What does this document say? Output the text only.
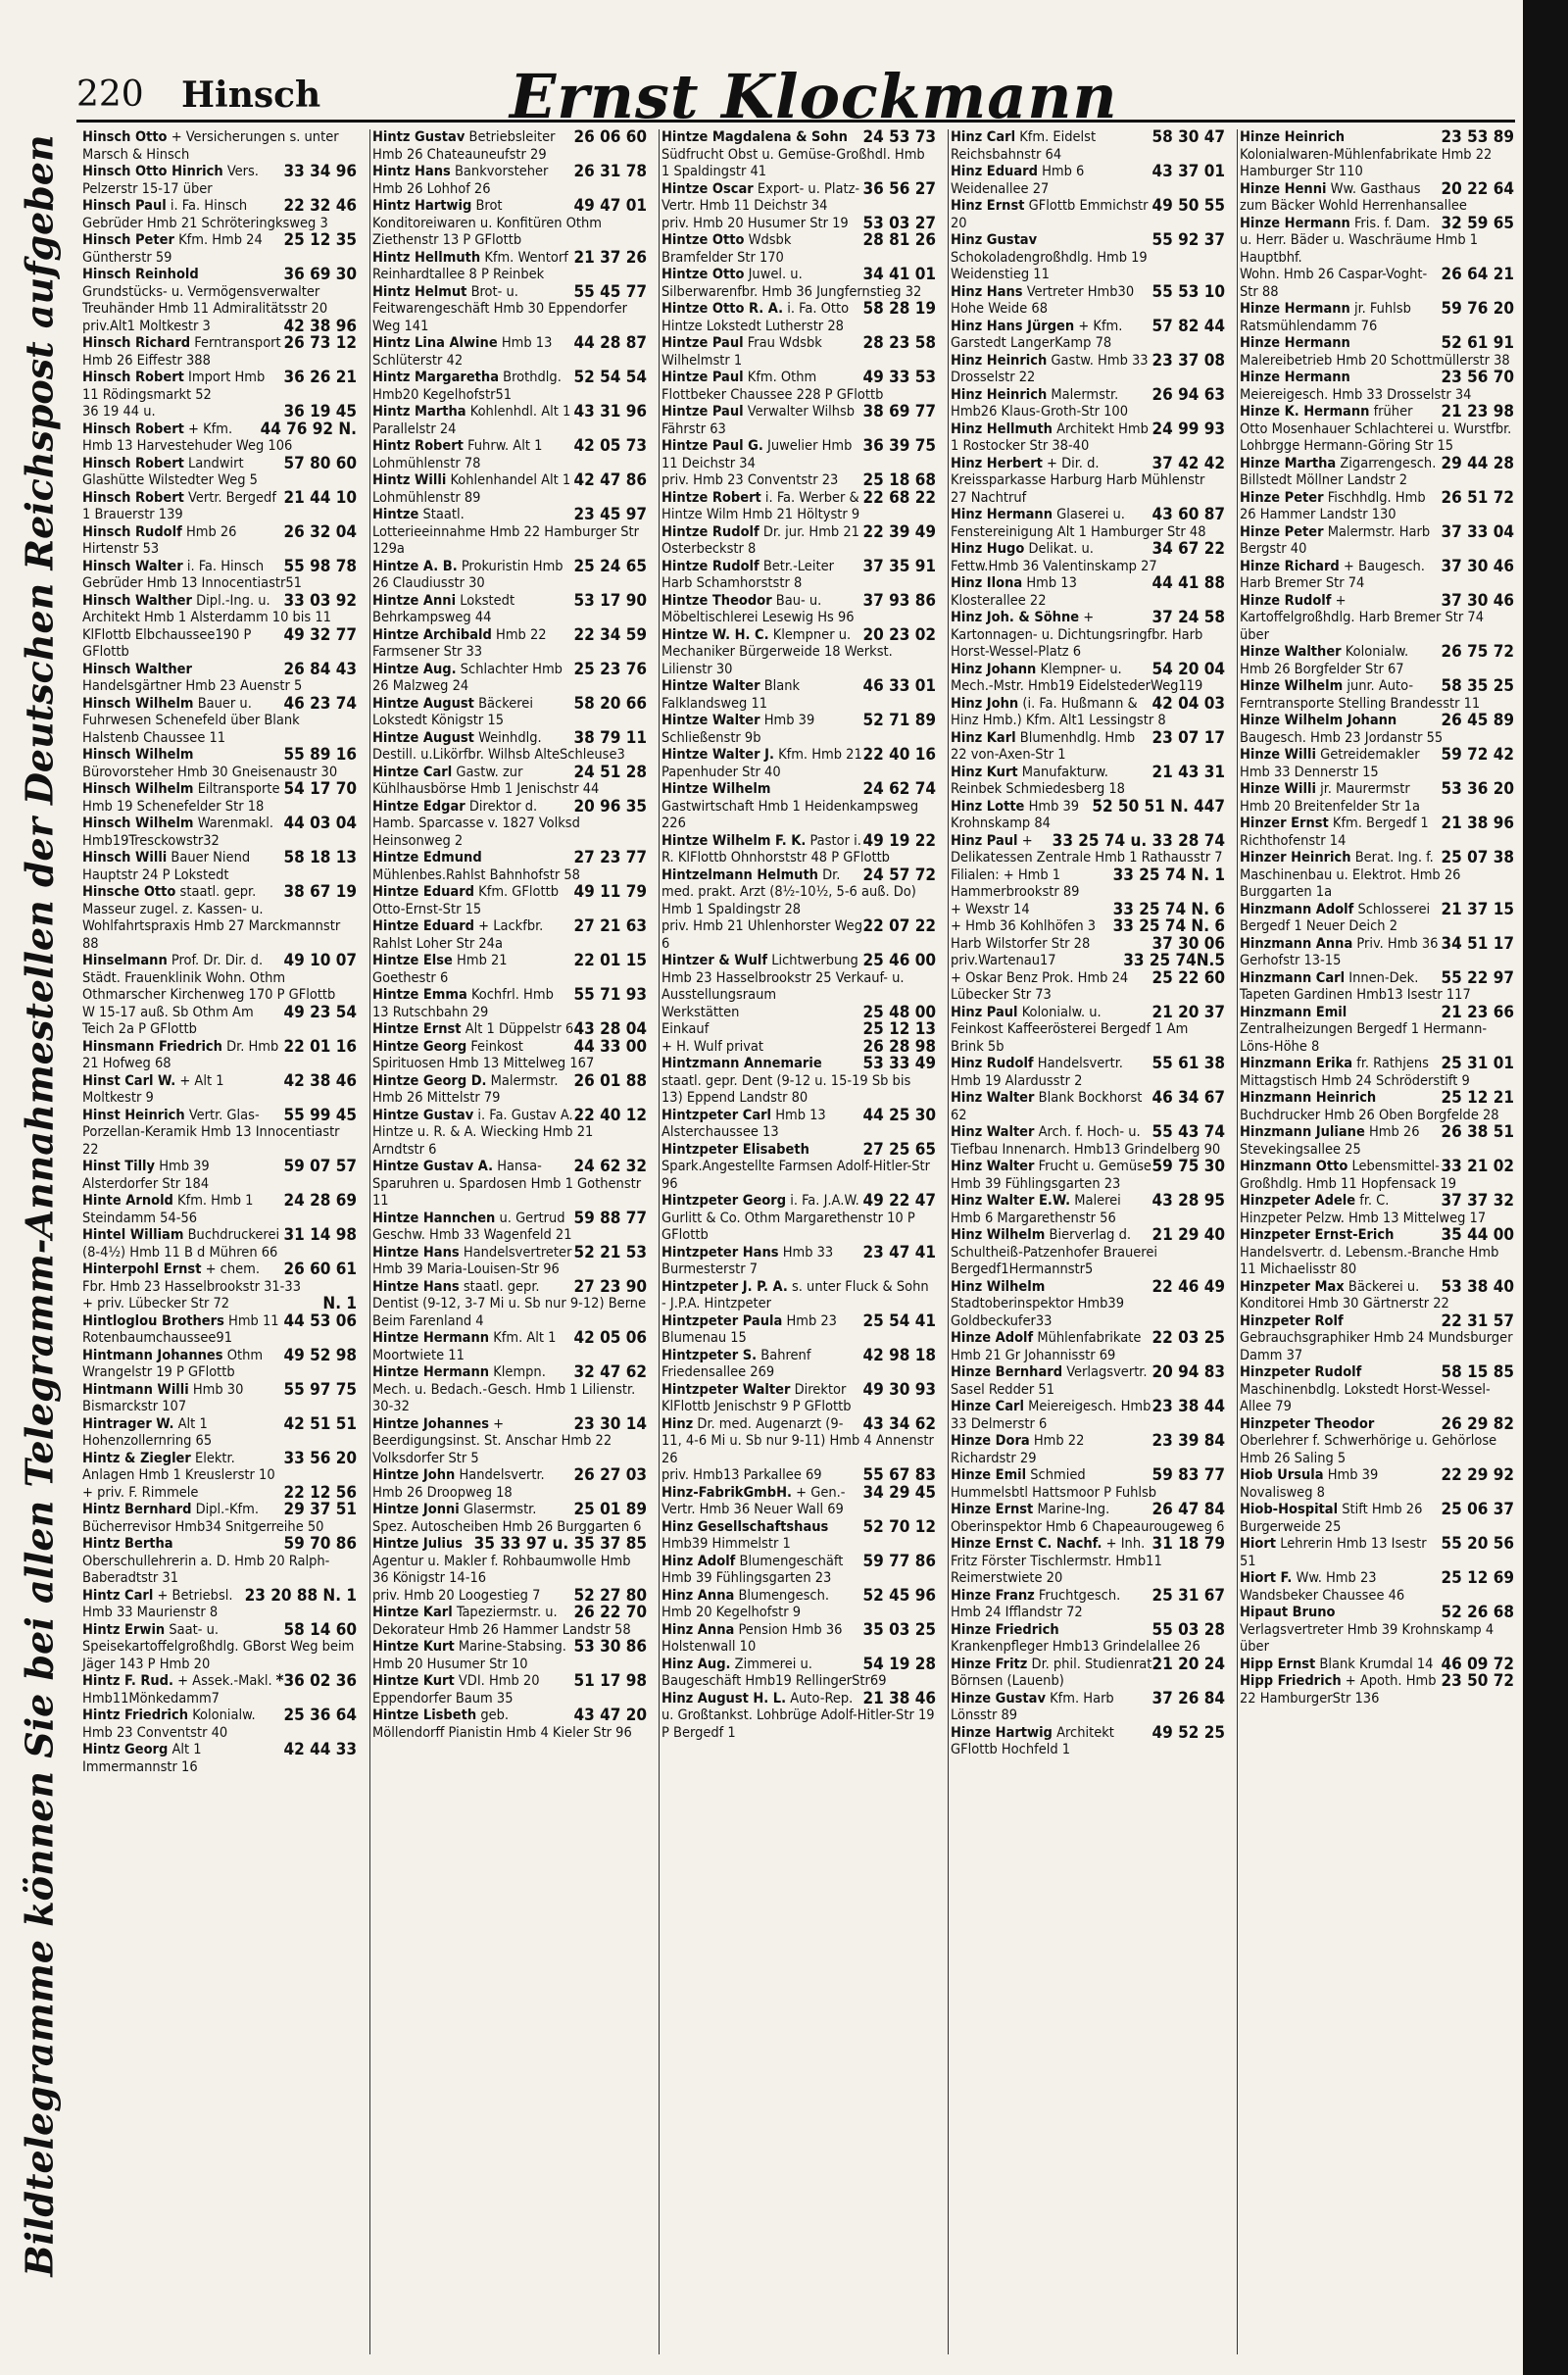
220 Hinsch	Ernst Klockmann
Bildtelegramme können Sie bei allen Telegramm-Annahmestellen der Deutschen Reichspost aufgeben Hinsch Otto + Versicherungen s. unter Marsch & Hinsch

33 34 96
Hinsch Otto Hinrich Vers. Pelzerstr 15-17 über

22 32 46
Hinsch Paul i. Fa. Hinsch Gebrüder Hmb 21 Schröteringksweg 3

25 12 35
Hinsch Peter Kfm. Hmb 24 Güntherstr 59

36 69 30
Hinsch Reinhold Grundstücks- u. Vermögensverwalter Treuhänder Hmb 11 Admiralitätsstr 20

42 38 96
priv.Alt1 Moltkestr 3

26 73 12
Hinsch Richard Ferntransport Hmb 26 Eiffestr 388

36 26 21
Hinsch Robert Import Hmb 11 Rödingsmarkt 52

36 19 45
36 19 44 u.

44 76 92 N.
Hinsch Robert + Kfm. Hmb 13 Harvestehuder Weg 106

57 80 60
Hinsch Robert Landwirt Glashütte Wilstedter Weg 5

21 44 10
Hinsch Robert Vertr. Bergedf 1 Brauerstr 139

26 32 04
Hinsch Rudolf Hmb 26 Hirtenstr 53

55 98 78
Hinsch Walter i. Fa. Hinsch Gebrüder Hmb 13 Innocentiastr51

33 03 92
Hinsch Walther Dipl.-Ing. u. Architekt Hmb 1 Alsterdamm 10 bis 11

49 32 77
KlFlottb Elbchaussee190 P GFlottb

26 84 43
Hinsch Walther Handelsgärtner Hmb 23 Auenstr 5

46 23 74
Hinsch Wilhelm Bauer u. Fuhrwesen Schenefeld über Blank Halstenb Chaussee 11

55 89 16
Hinsch Wilhelm Bürovorsteher Hmb 30 Gneisenaustr 30

54 17 70
Hinsch Wilhelm Eiltransporte Hmb 19 Schenefelder Str 18

44 03 04
Hinsch Wilhelm Warenmakl. Hmb19Tresckowstr32

58 18 13
Hinsch Willi Bauer Niend Hauptstr 24 P Lokstedt

38 67 19
Hinsche Otto staatl. gepr. Masseur zugel. z. Kassen- u. Wohlfahrtspraxis Hmb 27 Marckmannstr 88

49 10 07
Hinselmann Prof. Dr. Dir. d. Städt. Frauenklinik Wohn. Othm Othmarscher Kirchenweg 170 P GFlottb

49 23 54
W 15-17 auß. Sb Othm Am Teich 2a P GFlottb

22 01 16
Hinsmann Friedrich Dr. Hmb 21 Hofweg 68

42 38 46
Hinst Carl W. + Alt 1 Moltkestr 9

55 99 45
Hinst Heinrich Vertr. Glas-Porzellan-Keramik Hmb 13 Innocentiastr 22

59 07 57
Hinst Tilly Hmb 39 Alsterdorfer Str 184

24 28 69
Hinte Arnold Kfm. Hmb 1 Steindamm 54-56

31 14 98
Hintel William Buchdruckerei (8-4½) Hmb 11 B d Mühren 66

26 60 61
Hinterpohl Ernst + chem. Fbr. Hmb 23 Hasselbrookstr 31-33

N. 1
+ priv. Lübecker Str 72

44 53 06
Hintloglou Brothers Hmb 11 Rotenbaumchaussee91

49 52 98
Hintmann Johannes Othm Wrangelstr 19 P GFlottb

55 97 75
Hintmann Willi Hmb 30 Bismarckstr 107

42 51 51
Hintrager W. Alt 1 Hohenzollernring 65

33 56 20
Hintz & Ziegler Elektr. Anlagen Hmb 1 Kreuslerstr 10

22 12 56
+ priv. F. Rimmele

29 37 51
Hintz Bernhard Dipl.-Kfm. Bücherrevisor Hmb34 Snitgerreihe 50

59 70 86
Hintz Bertha Oberschullehrerin a. D. Hmb 20 Ralph-Baberadtstr 31

23 20 88 N. 1
Hintz Carl + Betriebsl. Hmb 33 Maurienstr 8

58 14 60
Hintz Erwin Saat- u. Speisekartoffelgroßhdlg. GBorst Weg beim Jäger 143 P Hmb 20

*36 02 36
Hintz F. Rud. + Assek.-Makl. Hmb11Mönkedamm7

25 36 64
Hintz Friedrich Kolonialw. Hmb 23 Conventstr 40

42 44 33
Hintz Georg Alt 1 Immermannstr 16

26 06 60
Hintz Gustav Betriebsleiter Hmb 26 Chateauneufstr 29

26 31 78
Hintz Hans Bankvorsteher Hmb 26 Lohhof 26

49 47 01
Hintz Hartwig Brot Konditoreiwaren u. Konfitüren Othm Ziethenstr 13 P GFlottb

21 37 26
Hintz Hellmuth Kfm. Wentorf Reinhardtallee 8 P Reinbek

55 45 77
Hintz Helmut Brot- u. Feitwarengeschäft Hmb 30 Eppendorfer Weg 141

44 28 87
Hintz Lina Alwine Hmb 13 Schlüterstr 42

52 54 54
Hintz Margaretha Brothdlg. Hmb20 Kegelhofstr51

43 31 96
Hintz Martha Kohlenhdl. Alt 1 Parallelstr 24

42 05 73
Hintz Robert Fuhrw. Alt 1 Lohmühlenstr 78

42 47 86
Hintz Willi Kohlenhandel Alt 1 Lohmühlenstr 89

23 45 97
Hintze Staatl. Lotterieeinnahme Hmb 22 Hamburger Str 129a

25 24 65
Hintze A. B. Prokuristin Hmb 26 Claudiusstr 30

53 17 90
Hintze Anni Lokstedt Behrkampsweg 44

22 34 59
Hintze Archibald Hmb 22 Farmsener Str 33

25 23 76
Hintze Aug. Schlachter Hmb 26 Malzweg 24

58 20 66
Hintze August Bäckerei Lokstedt Königstr 15

38 79 11
Hintze August Weinhdlg. Destill. u.Likörfbr. Wilhsb AlteSchleuse3

24 51 28
Hintze Carl Gastw. zur Kühlhausbörse Hmb 1 Jenischstr 44

20 96 35
Hintze Edgar Direktor d. Hamb. Sparcasse v. 1827 Volksd Heinsonweg 2

27 23 77
Hintze Edmund Mühlenbes.Rahlst Bahnhofstr 58

49 11 79
Hintze Eduard Kfm. GFlottb Otto-Ernst-Str 15

27 21 63
Hintze Eduard + Lackfbr. Rahlst Loher Str 24a

22 01 15
Hintze Else Hmb 21 Goethestr 6

55 71 93
Hintze Emma Kochfrl. Hmb 13 Rutschbahn 29

43 28 04
Hintze Ernst Alt 1 Düppelstr 6

44 33 00
Hintze Georg Feinkost Spirituosen Hmb 13 Mittelweg 167

26 01 88
Hintze Georg D. Malermstr. Hmb 26 Mittelstr 79

22 40 12
Hintze Gustav i. Fa. Gustav A. Hintze u. R. & A. Wiecking Hmb 21 Arndtstr 6

24 62 32
Hintze Gustav A. Hansa-Sparuhren u. Spardosen Hmb 1 Gothenstr 11

59 88 77
Hintze Hannchen u. Gertrud Geschw. Hmb 33 Wagenfeld 21

52 21 53
Hintze Hans Handelsvertreter Hmb 39 Maria-Louisen-Str 96

27 23 90
Hintze Hans staatl. gepr. Dentist (9-12, 3-7 Mi u. Sb nur 9-12) Berne Beim Farenland 4

42 05 06
Hintze Hermann Kfm. Alt 1 Moortwiete 11

32 47 62
Hintze Hermann Klempn. Mech. u. Bedach.-Gesch. Hmb 1 Lilienstr. 30-32

23 30 14
Hintze Johannes + Beerdigungsinst. St. Anschar Hmb 22 Volksdorfer Str 5

26 27 03
Hintze John Handelsvertr. Hmb 26 Droopweg 18

25 01 89
Hintze Jonni Glasermstr. Spez. Autoscheiben Hmb 26 Burggarten 6

35 33 97 u. 35 37 85
Hintze Julius Agentur u. Makler f. Rohbaumwolle Hmb 36 Königstr 14-16

52 27 80
priv. Hmb 20 Loogestieg 7

26 22 70
Hintze Karl Tapeziermstr. u. Dekorateur Hmb 26 Hammer Landstr 58

53 30 86
Hintze Kurt Marine-Stabsing. Hmb 20 Husumer Str 10

51 17 98
Hintze Kurt VDI. Hmb 20 Eppendorfer Baum 35

43 47 20
Hintze Lisbeth geb. Möllendorff Pianistin Hmb 4 Kieler Str 96

24 53 73
Hintze Magdalena & Sohn Südfrucht Obst u. Gemüse-Großhdl. Hmb 1 Spaldingstr 41

36 56 27
Hintze Oscar Export- u. Platz-Vertr. Hmb 11 Deichstr 34

53 03 27
priv. Hmb 20 Husumer Str 19

28 81 26
Hintze Otto Wdsbk Bramfelder Str 170

34 41 01
Hintze Otto Juwel. u. Silberwarenfbr. Hmb 36 Jungfernstieg 32

58 28 19
Hintze Otto R. A. i. Fa. Otto Hintze Lokstedt Lutherstr 28

28 23 58
Hintze Paul Frau Wdsbk Wilhelmstr 1

49 33 53
Hintze Paul Kfm. Othm Flottbeker Chaussee 228 P GFlottb

38 69 77
Hintze Paul Verwalter Wilhsb Fährstr 63

36 39 75
Hintze Paul G. Juwelier Hmb 11 Deichstr 34

25 18 68
priv. Hmb 23 Conventstr 23

22 68 22
Hintze Robert i. Fa. Werber & Hintze Wilm Hmb 21 Höltystr 9

22 39 49
Hintze Rudolf Dr. jur. Hmb 21 Osterbeckstr 8

37 35 91
Hintze Rudolf Betr.-Leiter Harb Schamhorststr 8

37 93 86
Hintze Theodor Bau- u. Möbeltischlerei Lesewig Hs 96

20 23 02
Hintze W. H. C. Klempner u. Mechaniker Bürgerweide 18 Werkst. Lilienstr 30

46 33 01
Hintze Walter Blank Falklandsweg 11

52 71 89
Hintze Walter Hmb 39 Schließenstr 9b

22 40 16
Hintze Walter J. Kfm. Hmb 21 Papenhuder Str 40

24 62 74
Hintze Wilhelm Gastwirtschaft Hmb 1 Heidenkampsweg 226

49 19 22
Hintze Wilhelm F. K. Pastor i. R. KlFlottb Ohnhorststr 48 P GFlottb

24 57 72
Hintzelmann Helmuth Dr. med. prakt. Arzt (8½-10½, 5-6 auß. Do) Hmb 1 Spaldingstr 28

22 07 22
priv. Hmb 21 Uhlenhorster Weg 6

25 46 00
Hintzer & Wulf Lichtwerbung Hmb 23 Hasselbrookstr 25 Verkauf- u. Ausstellungsraum

25 48 00
Werkstätten

25 12 13
Einkauf

26 28 98
+ H. Wulf privat

53 33 49
Hintzmann Annemarie staatl. gepr. Dent (9-12 u. 15-19 Sb bis 13) Eppend Landstr 80

44 25 30
Hintzpeter Carl Hmb 13 Alsterchaussee 13

27 25 65
Hintzpeter Elisabeth Spark.Angestellte Farmsen Adolf-Hitler-Str 96

49 22 47
Hintzpeter Georg i. Fa. J.A.W. Gurlitt & Co. Othm Margarethenstr 10 P GFlottb

23 47 41
Hintzpeter Hans Hmb 33 Burmesterstr 7

Hintzpeter J. P. A. s. unter Fluck & Sohn - J.P.A. Hintzpeter

25 54 41
Hintzpeter Paula Hmb 23 Blumenau 15

42 98 18
Hintzpeter S. Bahrenf Friedensallee 269

49 30 93
Hintzpeter Walter Direktor KlFlottb Jenischstr 9 P GFlottb

43 34 62
Hinz Dr. med. Augenarzt (9-11, 4-6 Mi u. Sb nur 9-11) Hmb 4 Annenstr 26

55 67 83
priv. Hmb13 Parkallee 69

34 29 45
Hinz-FabrikGmbH. + Gen.-Vertr. Hmb 36 Neuer Wall 69

52 70 12
Hinz Gesellschaftshaus Hmb39 Himmelstr 1

59 77 86
Hinz Adolf Blumengeschäft Hmb 39 Fühlingsgarten 23

52 45 96
Hinz Anna Blumengesch. Hmb 20 Kegelhofstr 9

35 03 25
Hinz Anna Pension Hmb 36 Holstenwall 10

54 19 28
Hinz Aug. Zimmerei u. Baugeschäft Hmb19 RellingerStr69

21 38 46
Hinz August H. L. Auto-Rep. u. Großtankst. Lohbrüge Adolf-Hitler-Str 19 P Bergedf 1

58 30 47
Hinz Carl Kfm. Eidelst Reichsbahnstr 64

43 37 01
Hinz Eduard Hmb 6 Weidenallee 27

49 50 55
Hinz Ernst GFlottb Emmichstr 20

55 92 37
Hinz Gustav Schokoladengroßhdlg. Hmb 19 Weidenstieg 11

55 53 10
Hinz Hans Vertreter Hmb30 Hohe Weide 68

57 82 44
Hinz Hans Jürgen + Kfm. Garstedt LangerKamp 78

23 37 08
Hinz Heinrich Gastw. Hmb 33 Drosselstr 22

26 94 63
Hinz Heinrich Malermstr. Hmb26 Klaus-Groth-Str 100

24 99 93
Hinz Hellmuth Architekt Hmb 1 Rostocker Str 38-40

37 42 42
Hinz Herbert + Dir. d. Kreissparkasse Harburg Harb Mühlenstr 27 Nachtruf

43 60 87
Hinz Hermann Glaserei u. Fenstereinigung Alt 1 Hamburger Str 48

34 67 22
Hinz Hugo Delikat. u. Fettw.Hmb 36 Valentinskamp 27

44 41 88
Hinz Ilona Hmb 13 Klosterallee 22

37 24 58
Hinz Joh. & Söhne + Kartonnagen- u. Dichtungsringfbr. Harb Horst-Wessel-Platz 6

54 20 04
Hinz Johann Klempner- u. Mech.-Mstr. Hmb19 EidelstederWeg119

42 04 03
Hinz John (i. Fa. Hußmann & Hinz Hmb.) Kfm. Alt1 Lessingstr 8

23 07 17
Hinz Karl Blumenhdlg. Hmb 22 von-Axen-Str 1

21 43 31
Hinz Kurt Manufakturw. Reinbek Schmiedesberg 18

52 50 51 N. 447
Hinz Lotte Hmb 39 Krohnskamp 84

33 25 74 u. 33 28 74
Hinz Paul + Delikatessen Zentrale Hmb 1 Rathausstr 7

33 25 74 N. 1
Filialen: + Hmb 1 Hammerbrookstr 89

33 25 74 N. 6
+ Wexstr 14

33 25 74 N. 6
+ Hmb 36 Kohlhöfen 3

37 30 06
Harb Wilstorfer Str 28

33 25 74N.5
priv.Wartenau17

25 22 60
+ Oskar Benz Prok. Hmb 24 Lübecker Str 73

21 20 37
Hinz Paul Kolonialw. u. Feinkost Kaffeerösterei Bergedf 1 Am Brink 5b

55 61 38
Hinz Rudolf Handelsvertr. Hmb 19 Alardusstr 2

46 34 67
Hinz Walter Blank Bockhorst 62

55 43 74
Hinz Walter Arch. f. Hoch- u. Tiefbau Innenarch. Hmb13 Grindelberg 90

59 75 30
Hinz Walter Frucht u. Gemüse Hmb 39 Fühlingsgarten 23

43 28 95
Hinz Walter E.W. Malerei Hmb 6 Margarethenstr 56

21 29 40
Hinz Wilhelm Bierverlag d. Schultheiß-Patzenhofer Brauerei Bergedf1Hermannstr5

22 46 49
Hinz Wilhelm Stadtoberinspektor Hmb39 Goldbeckufer33

22 03 25
Hinze Adolf Mühlenfabrikate Hmb 21 Gr Johannisstr 69

20 94 83
Hinze Bernhard Verlagsvertr. Sasel Redder 51

23 38 44
Hinze Carl Meiereigesch. Hmb 33 Delmerstr 6

23 39 84
Hinze Dora Hmb 22 Richardstr 29

59 83 77
Hinze Emil Schmied Hummelsbtl Hattsmoor P Fuhlsb

26 47 84
Hinze Ernst Marine-Ing. Oberinspektor Hmb 6 Chapeaurougeweg 6

31 18 79
Hinze Ernst C. Nachf. + Inh. Fritz Förster Tischlermstr. Hmb11 Reimerstwiete 20

25 31 67
Hinze Franz Fruchtgesch. Hmb 24 Ifflandstr 72

55 03 28
Hinze Friedrich Krankenpfleger Hmb13 Grindelallee 26

21 20 24
Hinze Fritz Dr. phil. Studienrat Börnsen (Lauenb)

37 26 84
Hinze Gustav Kfm. Harb Lönsstr 89

49 52 25
Hinze Hartwig Architekt GFlottb Hochfeld 1

23 53 89
Hinze Heinrich Kolonialwaren-Mühlenfabrikate Hmb 22 Hamburger Str 110

20 22 64
Hinze Henni Ww. Gasthaus zum Bäcker Wohld Herrenhansallee

32 59 65
Hinze Hermann Fris. f. Dam. u. Herr. Bäder u. Waschräume Hmb 1 Hauptbhf.

26 64 21
Wohn. Hmb 26 Caspar-Voght-Str 88

59 76 20
Hinze Hermann jr. Fuhlsb Ratsmühlendamm 76

52 61 91
Hinze Hermann Malereibetrieb Hmb 20 Schottmüllerstr 38

23 56 70
Hinze Hermann Meiereigesch. Hmb 33 Drosselstr 34

21 23 98
Hinze K. Hermann früher Otto Mosenhauer Schlachterei u. Wurstfbr. Lohbrgge Hermann-Göring Str 15

29 44 28
Hinze Martha Zigarrengesch. Billstedt Möllner Landstr 2

26 51 72
Hinze Peter Fischhdlg. Hmb 26 Hammer Landstr 130

37 33 04
Hinze Peter Malermstr. Harb Bergstr 40

37 30 46
Hinze Richard + Baugesch. Harb Bremer Str 74

37 30 46
Hinze Rudolf + Kartoffelgroßhdlg. Harb Bremer Str 74 über

26 75 72
Hinze Walther Kolonialw. Hmb 26 Borgfelder Str 67

58 35 25
Hinze Wilhelm junr. Auto-Ferntransporte Stelling Brandesstr 11

26 45 89
Hinze Wilhelm Johann Baugesch. Hmb 23 Jordanstr 55

59 72 42
Hinze Willi Getreidemakler Hmb 33 Dennerstr 15

53 36 20
Hinze Willi jr. Maurermstr Hmb 20 Breitenfelder Str 1a

21 38 96
Hinzer Ernst Kfm. Bergedf 1 Richthofenstr 14

25 07 38
Hinzer Heinrich Berat. Ing. f. Maschinenbau u. Elektrot. Hmb 26 Burggarten 1a

21 37 15
Hinzmann Adolf Schlosserei Bergedf 1 Neuer Deich 2

34 51 17
Hinzmann Anna Priv. Hmb 36 Gerhofstr 13-15

55 22 97
Hinzmann Carl Innen-Dek. Tapeten Gardinen Hmb13 Isestr 117

21 23 66
Hinzmann Emil Zentralheizungen Bergedf 1 Hermann-Löns-Höhe 8

25 31 01
Hinzmann Erika fr. Rathjens Mittagstisch Hmb 24 Schröderstift 9

25 12 21
Hinzmann Heinrich Buchdrucker Hmb 26 Oben Borgfelde 28

26 38 51
Hinzmann Juliane Hmb 26 Stevekingsallee 25

33 21 02
Hinzmann Otto Lebensmittel-Großhdlg. Hmb 11 Hopfensack 19

37 37 32
Hinzpeter Adele fr. C. Hinzpeter Pelzw. Hmb 13 Mittelweg 17

35 44 00
Hinzpeter Ernst-Erich Handelsvertr. d. Lebensm.-Branche Hmb 11 Michaelisstr 80

53 38 40
Hinzpeter Max Bäckerei u. Konditorei Hmb 30 Gärtnerstr 22

22 31 57
Hinzpeter Rolf Gebrauchsgraphiker Hmb 24 Mundsburger Damm 37

58 15 85
Hinzpeter Rudolf Maschinenbdlg. Lokstedt Horst-Wessel-Allee 79

26 29 82
Hinzpeter Theodor Oberlehrer f. Schwerhörige u. Gehörlose Hmb 26 Saling 5

22 29 92
Hiob Ursula Hmb 39 Novalisweg 8

25 06 37
Hiob-Hospital Stift Hmb 26 Burgerweide 25

55 20 56
Hiort Lehrerin Hmb 13 Isestr 51

25 12 69
Hiort F. Ww. Hmb 23 Wandsbeker Chaussee 46

52 26 68
Hipaut Bruno Verlagsvertreter Hmb 39 Krohnskamp 4 über

46 09 72
Hipp Ernst Blank Krumdal 14

23 50 72
Hipp Friedrich + Apoth. Hmb 22 HamburgerStr 136
